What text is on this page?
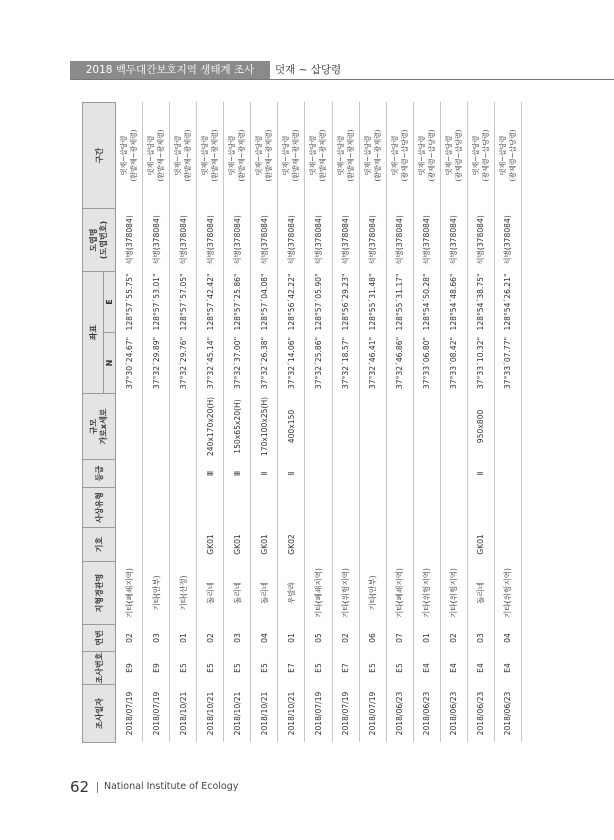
2018 백두대간보호지역 생태계 조사	덧재 ~ 삽당령
조사일자	조사번호	연번	지형경관명	기호	사상유형	등급	규모
가로x세로	좌표		도엽명
(도엽번호)	구간
								N	E		
2018/07/19	E9	02	기타(폐쇄지역)					37°30´24.67"	128°57´55.75"	석병(378084)	댓재~삽당령 (환밭재~광제령)
2018/07/19	E9	03	기타(안부)					37°32´29.89"	128°57´53.01"	석병(378084)	댓재~삽당령 (환밭재~광제령)
2018/10/21	E5	01	기타(산정)					37°32´29.76"	128°57´57.05"	석병(378084)	댓재~삽당령 (환밭재~광제령)
2018/10/21	E5	02	돌리네	GK01		Ⅲ	240x170x20(H)	37°32´45.14"	128°57´42.42"	석병(378084)	댓재~삽당령 (환밭재~광제령)
2018/10/21	E5	03	돌리네	GK01		Ⅲ	150x65x20(H)	37°32´37.00"	128°57´25.86"	석병(378084)	댓재~삽당령 (환밭재~광제령)
2018/10/21	E5	04	돌리네	GK01		Ⅱ	170x100x25(H)	37°32´26.38"	128°57´04.08"	석병(378084)	댓재~삽당령 (환밭재~광제령)
2018/10/21	E7	01	우발라	GK02		Ⅱ	400x150	37°32´14.06"	128°56´42.22"	석병(378084)	댓재~삽당령 (환밭재~광제령)
2018/07/19	E5	05	기타(폐쇄지역)					37°32´25.86"	128°57´05.90"	석병(378084)	댓재~삽당령 (환밭재~광제령)
2018/07/19	E7	02	기타(위험지역)					37°32´18.57"	128°56´29.23"	석병(378084)	댓재~삽당령 (환밭재~광제령)
2018/07/19	E5	06	기타(안부)					37°32´46.41"	128°55´31.48"	석병(378084)	댓재~삽당령 (환밭재~광제령)
2018/06/23	E5	07	기타(폐쇄지역)					37°32´46.86"	128°55´31.17"	석병(378084)	댓재~삽당령 (광제령~삽당령)
2018/06/23	E4	01	기타(위험지역)					37°33´06.80"	128°54´50.28"	석병(378084)	댓재~삽당령 (광제령~삽당령)
2018/06/23	E4	02	기타(위험지역)					37°33´08.42"	128°54´48.66"	석병(378084)	댓재~삽당령 (광제령~삽당령)
2018/06/23	E4	03	돌리네	GK01		Ⅱ	950x800	37°33´10.32"	128°54´38.75"	석병(378084)	댓재~삽당령 (광제령~삽당령)
2018/06/23	E4	04	기타(위험지역)					37°33´07.77"	128°54´26.21"	석병(378084)	댓재~삽당령 (광제령~삽당령)
62 National Institute of Ecology
